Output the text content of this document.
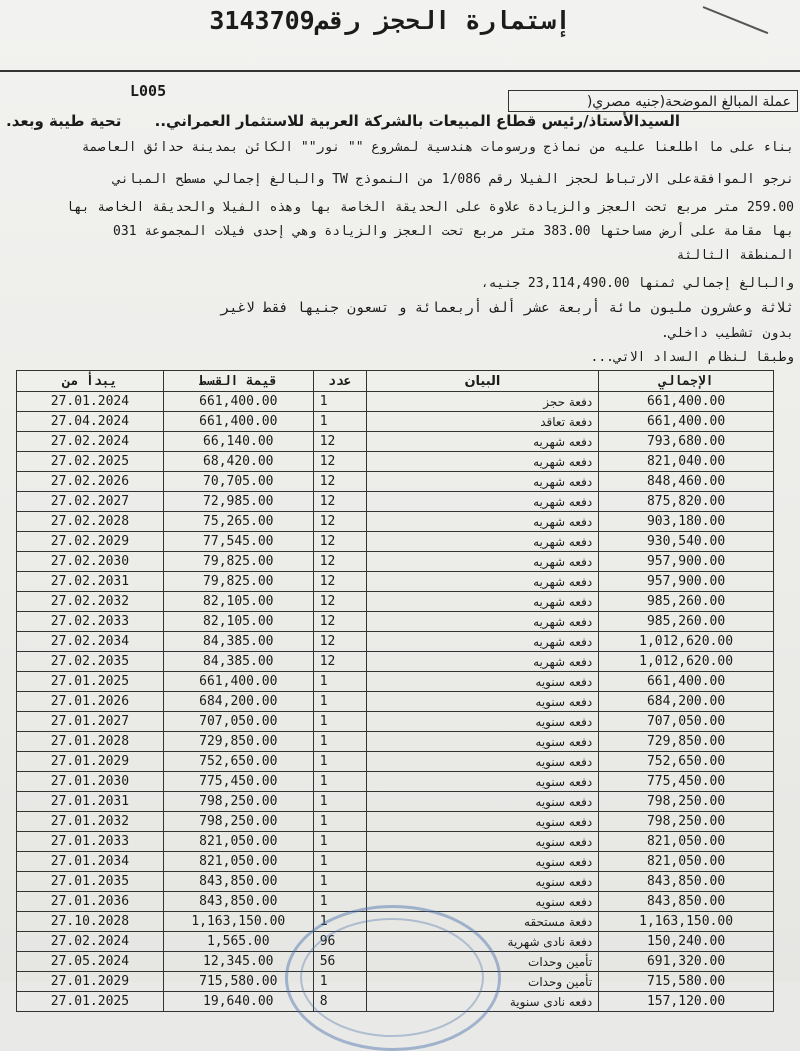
إستمارة الحجز رقم3143709
L005
عملة المبالغ الموضحة(جنيه مصري(
السيدالأستاذ/رئيس قطاع المبيعات بالشركة العربية للاستثمار العمراني..
تحية طيبة وبعد.
بناء على ما اطلعنا عليه من نماذج ورسومات هندسية لمشروع "" نور"" الكائن بمدينة حدائق العاصمة
نرجو الموافقةعلى الارتباط لحجز الفيلا رقم 1/086 من النموذج TW والبالغ إجمالي مسطح المباني
259.00 متر مربع تحت العجز والزيادة علاوة على الحديقة الخاصة بها وهذه الفيلا والحديقة الخاصة بها
بها مقامة على أرض مساحتها 383.00 متر مربع تحت العجز والزيادة وهي إحدى فيلات المجموعة 031
المنطقة الثالثة
والبالغ إجمالي ثمنها 23,114,490.00 جنيه،
ثلاثة وعشرون مليون مائة أربعة عشر ألف أربعمائة و تسعون جنيها فقط لاغير
بدون تشطيب داخلي.
وطبقا لنظام السداد الاتي...
يبدأ من	قيمة القسط	عدد	البيان	الإجمالي
27.01.2024	661,400.00	1	دفعة حجز	661,400.00
27.04.2024	661,400.00	1	دفعة تعاقد	661,400.00
27.02.2024	66,140.00	12	دفعه شهريه	793,680.00
27.02.2025	68,420.00	12	دفعه شهريه	821,040.00
27.02.2026	70,705.00	12	دفعه شهريه	848,460.00
27.02.2027	72,985.00	12	دفعه شهريه	875,820.00
27.02.2028	75,265.00	12	دفعه شهريه	903,180.00
27.02.2029	77,545.00	12	دفعه شهريه	930,540.00
27.02.2030	79,825.00	12	دفعه شهريه	957,900.00
27.02.2031	79,825.00	12	دفعه شهريه	957,900.00
27.02.2032	82,105.00	12	دفعه شهريه	985,260.00
27.02.2033	82,105.00	12	دفعه شهريه	985,260.00
27.02.2034	84,385.00	12	دفعه شهريه	1,012,620.00
27.02.2035	84,385.00	12	دفعه شهريه	1,012,620.00
27.01.2025	661,400.00	1	دفعه سنويه	661,400.00
27.01.2026	684,200.00	1	دفعه سنويه	684,200.00
27.01.2027	707,050.00	1	دفعه سنويه	707,050.00
27.01.2028	729,850.00	1	دفعه سنويه	729,850.00
27.01.2029	752,650.00	1	دفعه سنويه	752,650.00
27.01.2030	775,450.00	1	دفعه سنويه	775,450.00
27.01.2031	798,250.00	1	دفعه سنويه	798,250.00
27.01.2032	798,250.00	1	دفعه سنويه	798,250.00
27.01.2033	821,050.00	1	دفعه سنويه	821,050.00
27.01.2034	821,050.00	1	دفعه سنويه	821,050.00
27.01.2035	843,850.00	1	دفعه سنويه	843,850.00
27.01.2036	843,850.00	1	دفعه سنويه	843,850.00
27.10.2028	1,163,150.00	1	دفعة مستحقه	1,163,150.00
27.02.2024	1,565.00	96	دفعة نادى شهرية	150,240.00
27.05.2024	12,345.00	56	تأمين وحدات	691,320.00
27.01.2029	715,580.00	1	تأمين وحدات	715,580.00
27.01.2025	19,640.00	8	دفعه نادى سنوية	157,120.00
